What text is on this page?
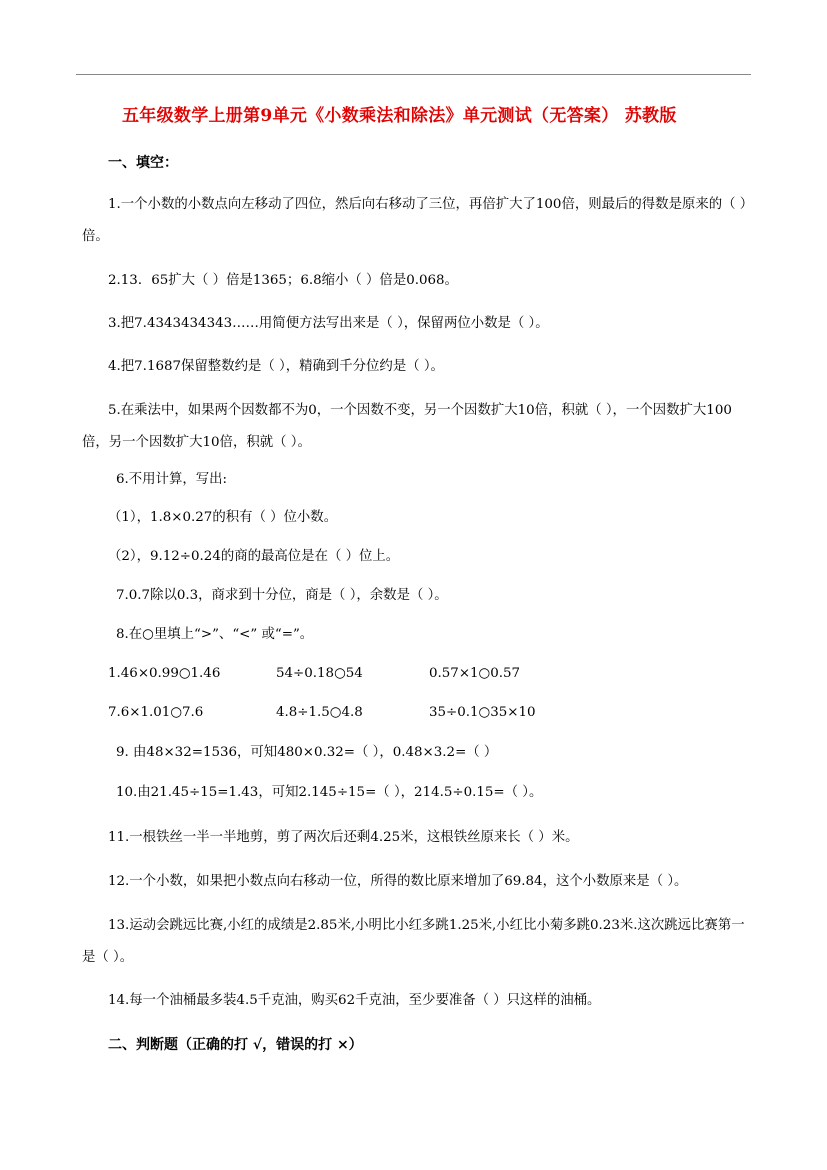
五年级数学上册第9单元《小数乘法和除法》单元测试（无答案） 苏教版
一、填空：
1.一个小数的小数点向左移动了四位，然后向右移动了三位，再倍扩大了100倍，则最后的得数是原来的（ ）倍。
2.13．65扩大（ ）倍是1365；6.8缩小（ ）倍是0.068。
3.把7.4343434343……用简便方法写出来是（ ），保留两位小数是（ ）。
4.把7.1687保留整数约是（ ），精确到千分位约是（ ）。
5.在乘法中，如果两个因数都不为0，一个因数不变，另一个因数扩大10倍，积就（ ），一个因数扩大100倍，另一个因数扩大10倍，积就（ ）。
6.不用计算，写出:
（1），1.8×0.27的积有（ ）位小数。
（2），9.12÷0.24的商的最高位是在（ ）位上。
7.0.7除以0.3，商求到十分位，商是（ ），余数是（ ）。
8.在○里填上“>”、“<” 或“=”。
1.46×0.99○1.46	54÷0.18○54	0.57×1○0.57
7.6×1.01○7.6	4.8÷1.5○4.8	35÷0.1○35×10
9. 由48×32=1536，可知480×0.32=（ ），0.48×3.2=（ ）
10.由21.45÷15=1.43，可知2.145÷15=（ ），214.5÷0.15=（ ）。
11.一根铁丝一半一半地剪，剪了两次后还剩4.25米，这根铁丝原来长（ ）米。
12.一个小数，如果把小数点向右移动一位，所得的数比原来增加了69.84，这个小数原来是（ ）。
13.运动会跳远比赛,小红的成绩是2.85米,小明比小红多跳1.25米,小红比小菊多跳0.23米.这次跳远比赛第一是（ ）。
14.每一个油桶最多装4.5千克油，购买62千克油，至少要准备（ ）只这样的油桶。
二、判断题（正确的打 √，错误的打 ×）
